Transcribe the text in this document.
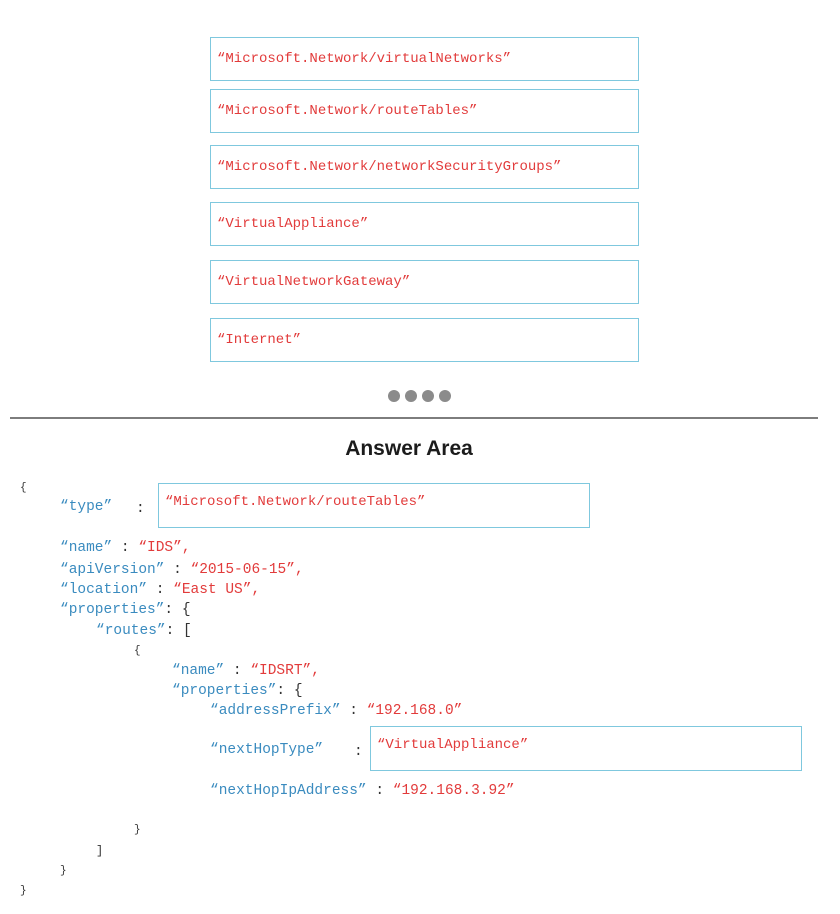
“Microsoft.Network/virtualNetworks”
“Microsoft.Network/routeTables”
“Microsoft.Network/networkSecurityGroups”
“VirtualAppliance”
“VirtualNetworkGateway”
“Internet”
Answer Area
{
“type” :	“Microsoft.Network/routeTables”
“name” : “IDS”,
“apiVersion” : “2015-06-15”,
“location” : “East US”,
“properties”: {
“routes”: [
{
“name” : “IDSRT”,
“properties”: {
“addressPrefix” : “192.168.0”
“nextHopType” :	“VirtualAppliance”
“nextHopIpAddress” : “192.168.3.92”
}
]
}
}
